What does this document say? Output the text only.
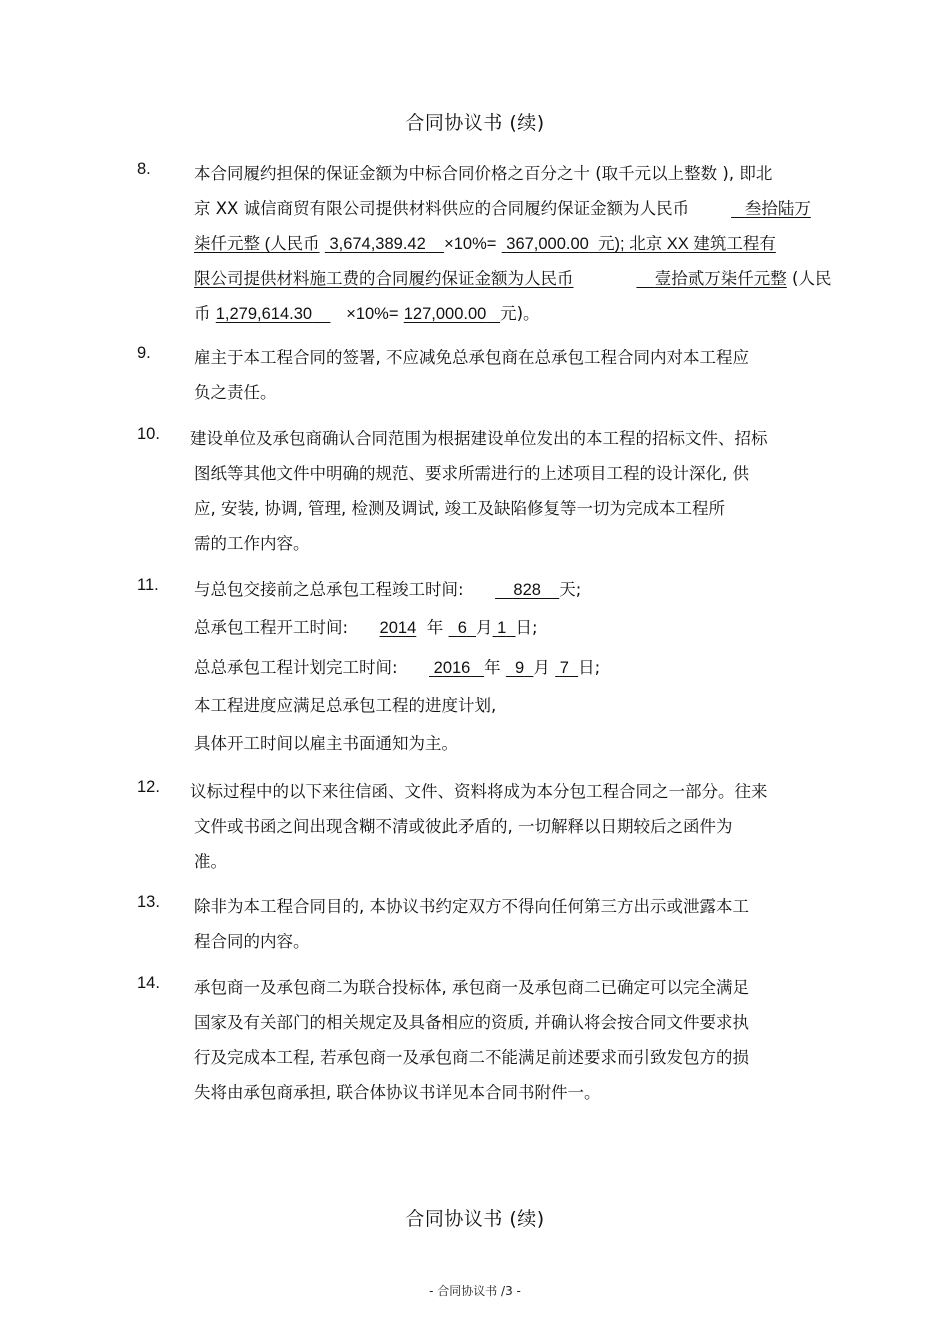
合同协议书 (续)
8.	本合同履约担保的保证金额为中标合同价格之百分之十 (取千元以上整数 ), 即北
京 XX 诚信商贸有限公司提供材料供应的合同履约保证金额为人民币	叁拾陆万
柒仟元整 (人民币 3,674,389.42 ×10%= 367,000.00 元); 北京 XX 建筑工程有
限公司提供材料施工费的合同履约保证金额为人民币	壹拾贰万柒仟元整 (人民
币 1,279,614.30 ×10%= 127,000.00 元)。
9.	雇主于本工程合同的签署, 不应减免总承包商在总承包工程合同内对本工程应
负之责任。
10. 建设单位及承包商确认合同范围为根据建设单位发出的本工程的招标文件、招标
图纸等其他文件中明确的规范、要求所需进行的上述项目工程的设计深化, 供
应, 安装, 协调, 管理, 检测及调试, 竣工及缺陷修复等一切为完成本工程所
需的工作内容。
11. 与总包交接前之总承包工程竣工时间:	828 天;
总承包工程开工时间: 2014 年 6 月 1 日;
总总承包工程计划完工时间: 2016 年 9 月 7 日;
本工程进度应满足总承包工程的进度计划,
具体开工时间以雇主书面通知为主。
12. 议标过程中的以下来往信函、文件、资料将成为本分包工程合同之一部分。往来
文件或书函之间出现含糊不清或彼此矛盾的, 一切解释以日期较后之函件为
准。
13. 除非为本工程合同目的, 本协议书约定双方不得向任何第三方出示或泄露本工
程合同的内容。
14. 承包商一及承包商二为联合投标体, 承包商一及承包商二已确定可以完全满足
国家及有关部门的相关规定及具备相应的资质, 并确认将会按合同文件要求执
行及完成本工程, 若承包商一及承包商二不能满足前述要求而引致发包方的损
失将由承包商承担, 联合体协议书详见本合同书附件一。
合同协议书 (续)
- 合同协议书 /3 -
